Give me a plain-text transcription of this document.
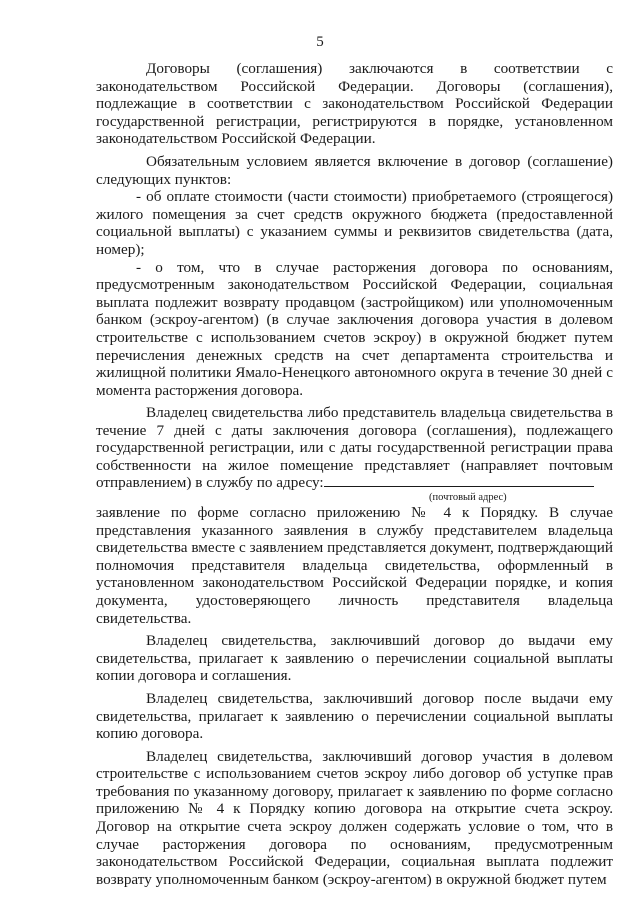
5

Договоры (соглашения) заключаются в соответствии с законодательством Российской Федерации. Договоры (соглашения), подлежащие в соответствии с законодательством Российской Федерации государственной регистрации, регистрируются в порядке, установленном законодательством Российской Федерации.

Обязательным условием является включение в договор (соглашение) следующих пунктов:

- об оплате стоимости (части стоимости) приобретаемого (строящегося) жилого помещения за счет средств окружного бюджета (предоставленной социальной выплаты) с указанием суммы и реквизитов свидетельства (дата, номер);

- о том, что в случае расторжения договора по основаниям, предусмотренным законодательством Российской Федерации, социальная выплата подлежит возврату продавцом (застройщиком) или уполномоченным банком (эскроу-агентом) (в случае заключения договора участия в долевом строительстве с использованием счетов эскроу) в окружной бюджет путем перечисления денежных средств на счет департамента строительства и жилищной политики Ямало-Ненецкого автономного округа в течение 30 дней с момента расторжения договора.

Владелец свидетельства либо представитель владельца свидетельства в течение 7 дней с даты заключения договора (соглашения), подлежащего государственной регистрации, или с даты государственной регистрации права собственности на жилое помещение представляет (направляет почтовым отправлением) в службу по адресу:

(почтовый адрес)

заявление по форме согласно приложению № 4 к Порядку. В случае представления указанного заявления в службу представителем владельца свидетельства вместе с заявлением представляется документ, подтверждающий полномочия представителя владельца свидетельства, оформленный в установленном законодательством Российской Федерации порядке, и копия документа, удостоверяющего личность представителя владельца свидетельства.

Владелец свидетельства, заключивший договор до выдачи ему свидетельства, прилагает к заявлению о перечислении социальной выплаты копии договора и соглашения.

Владелец свидетельства, заключивший договор после выдачи ему свидетельства, прилагает к заявлению о перечислении социальной выплаты копию договора.

Владелец свидетельства, заключивший договор участия в долевом строительстве с использованием счетов эскроу либо договор об уступке прав требования по указанному договору, прилагает к заявлению по форме согласно приложению № 4 к Порядку копию договора на открытие счета эскроу. Договор на открытие счета эскроу должен содержать условие о том, что в случае расторжения договора по основаниям, предусмотренным законодательством Российской Федерации, социальная выплата подлежит возврату уполномоченным банком (эскроу-агентом) в окружной бюджет путем
